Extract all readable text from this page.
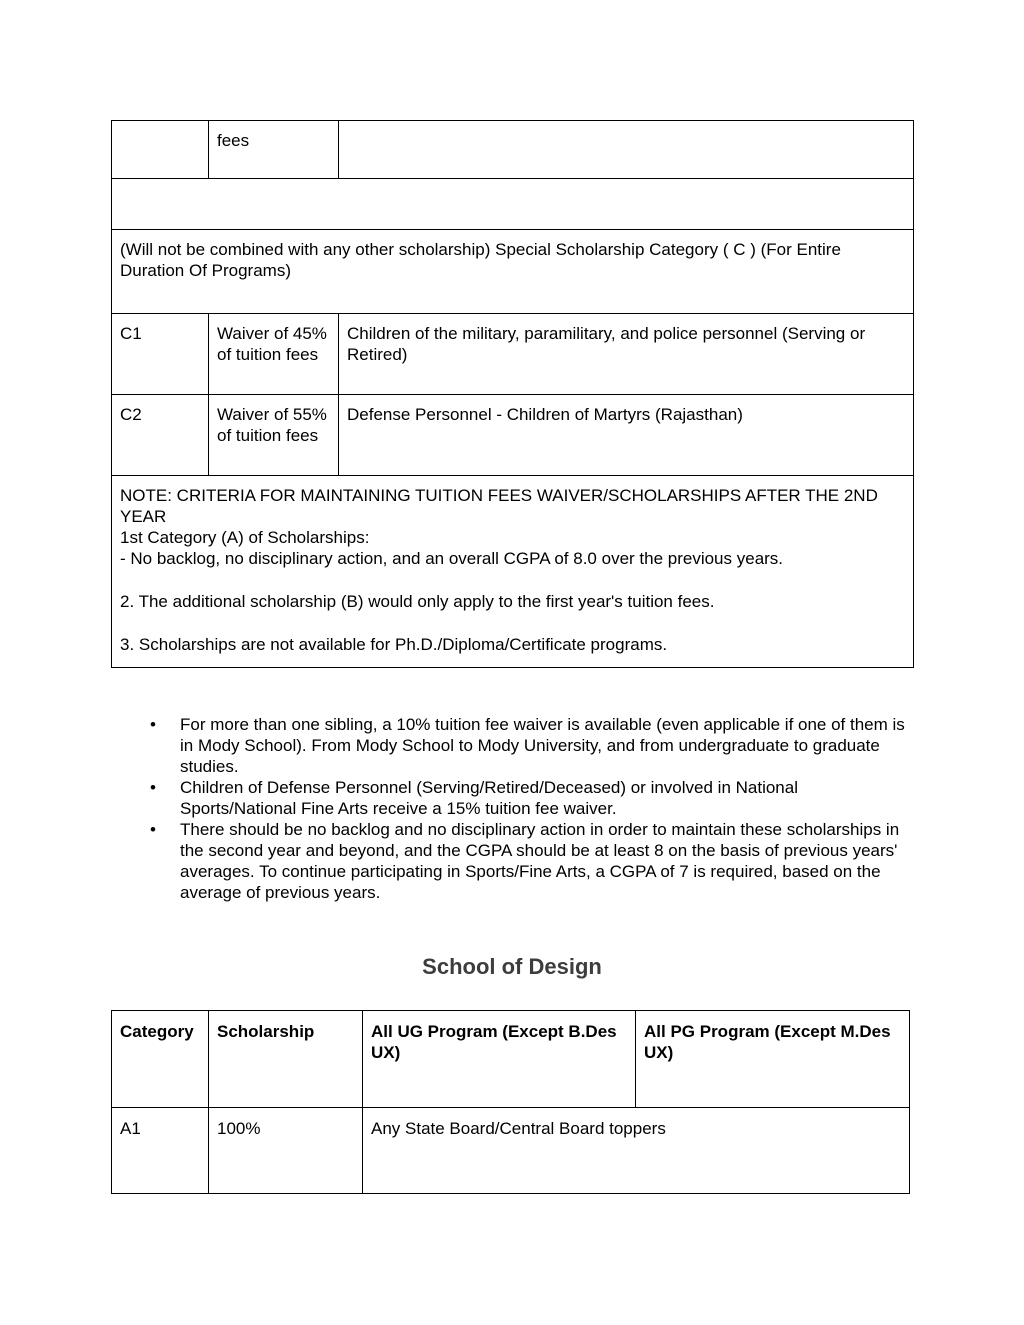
	fees	

(Will not be combined with any other scholarship) Special Scholarship Category ( C ) (For Entire Duration Of Programs)		
C1	Waiver of 45% of tuition fees	Children of the military, paramilitary, and police personnel (Serving or Retired)
C2	Waiver of 55% of tuition fees	Defense Personnel - Children of Martyrs (Rajasthan)

NOTE: CRITERIA FOR MAINTAINING TUITION FEES WAIVER/SCHOLARSHIPS AFTER THE 2ND YEAR

1st Category (A) of Scholarships:

- No backlog, no disciplinary action, and an overall CGPA of 8.0 over the previous years.

2. The additional scholarship (B) would only apply to the first year's tuition fees.

3. Scholarships are not available for Ph.D./Diploma/Certificate programs.		

• For more than one sibling, a 10% tuition fee waiver is available (even applicable if one of them is in Mody School). From Mody School to Mody University, and from undergraduate to graduate studies.
• Children of Defense Personnel (Serving/Retired/Deceased) or involved in National Sports/National Fine Arts receive a 15% tuition fee waiver.
• There should be no backlog and no disciplinary action in order to maintain these scholarships in the second year and beyond, and the CGPA should be at least 8 on the basis of previous years' averages. To continue participating in Sports/Fine Arts, a CGPA of 7 is required, based on the average of previous years.
School of Design
Category	Scholarship	All UG Program (Except B.Des UX)	All PG Program (Except M.Des UX)
A1	100%	Any State Board/Central Board toppers	
